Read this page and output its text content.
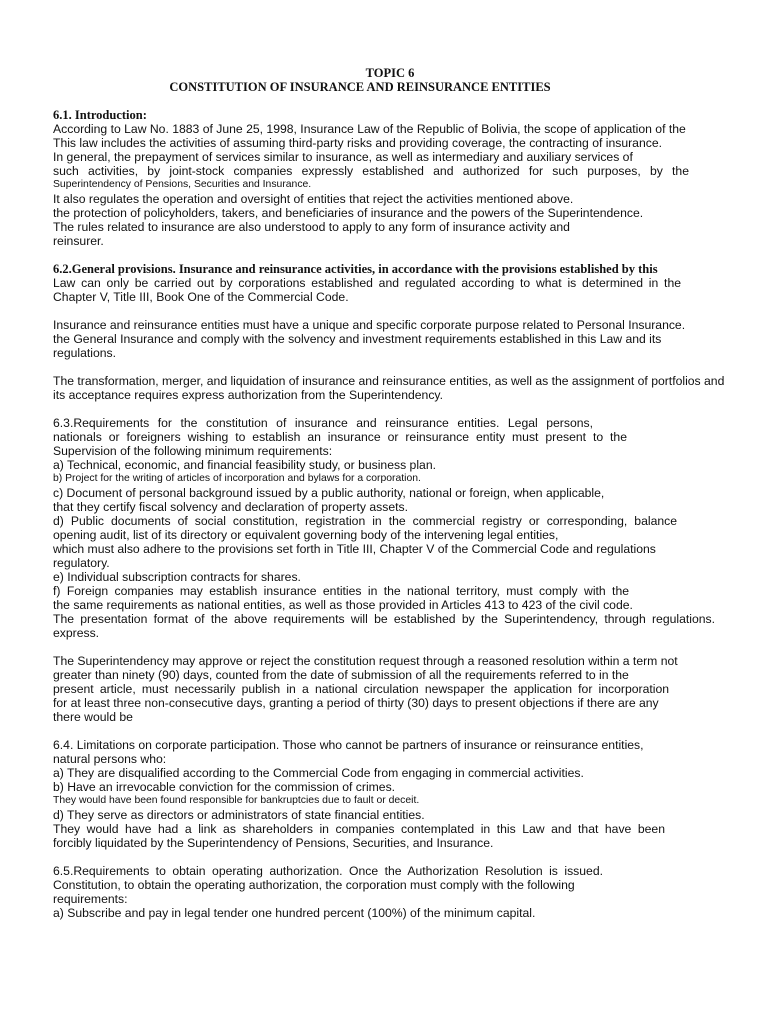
TOPIC 6
CONSTITUTION OF INSURANCE AND REINSURANCE ENTITIES
6.1. Introduction:
According to Law No. 1883 of June 25, 1998, Insurance Law of the Republic of Bolivia, the scope of application of the
This law includes the activities of assuming third-party risks and providing coverage, the contracting of insurance.
In general, the prepayment of services similar to insurance, as well as intermediary and auxiliary services of
such activities, by joint-stock companies expressly established and authorized for such purposes, by the
Superintendency of Pensions, Securities and Insurance.
It also regulates the operation and oversight of entities that reject the activities mentioned above.
the protection of policyholders, takers, and beneficiaries of insurance and the powers of the Superintendence.
The rules related to insurance are also understood to apply to any form of insurance activity and
reinsurer.
6.2.General provisions. Insurance and reinsurance activities, in accordance with the provisions established by this
Law can only be carried out by corporations established and regulated according to what is determined in the
Chapter V, Title III, Book One of the Commercial Code.
Insurance and reinsurance entities must have a unique and specific corporate purpose related to Personal Insurance.
the General Insurance and comply with the solvency and investment requirements established in this Law and its
regulations.
The transformation, merger, and liquidation of insurance and reinsurance entities, as well as the assignment of portfolios and
its acceptance requires express authorization from the Superintendency.
6.3.Requirements for the constitution of insurance and reinsurance entities. Legal persons,
nationals or foreigners wishing to establish an insurance or reinsurance entity must present to the
Supervision of the following minimum requirements:
a) Technical, economic, and financial feasibility study, or business plan.
b) Project for the writing of articles of incorporation and bylaws for a corporation.
c) Document of personal background issued by a public authority, national or foreign, when applicable,
that they certify fiscal solvency and declaration of property assets.
d) Public documents of social constitution, registration in the commercial registry or corresponding, balance
opening audit, list of its directory or equivalent governing body of the intervening legal entities,
which must also adhere to the provisions set forth in Title III, Chapter V of the Commercial Code and regulations
regulatory.
e) Individual subscription contracts for shares.
f) Foreign companies may establish insurance entities in the national territory, must comply with the
the same requirements as national entities, as well as those provided in Articles 413 to 423 of the civil code.
The presentation format of the above requirements will be established by the Superintendency, through regulations.
express.
The Superintendency may approve or reject the constitution request through a reasoned resolution within a term not
greater than ninety (90) days, counted from the date of submission of all the requirements referred to in the
present article, must necessarily publish in a national circulation newspaper the application for incorporation
for at least three non-consecutive days, granting a period of thirty (30) days to present objections if there are any
there would be
6.4. Limitations on corporate participation. Those who cannot be partners of insurance or reinsurance entities,
natural persons who:
a) They are disqualified according to the Commercial Code from engaging in commercial activities.
b) Have an irrevocable conviction for the commission of crimes.
They would have been found responsible for bankruptcies due to fault or deceit.
d) They serve as directors or administrators of state financial entities.
They would have had a link as shareholders in companies contemplated in this Law and that have been
forcibly liquidated by the Superintendency of Pensions, Securities, and Insurance.
6.5.Requirements to obtain operating authorization. Once the Authorization Resolution is issued.
Constitution, to obtain the operating authorization, the corporation must comply with the following
requirements:
a) Subscribe and pay in legal tender one hundred percent (100%) of the minimum capital.
